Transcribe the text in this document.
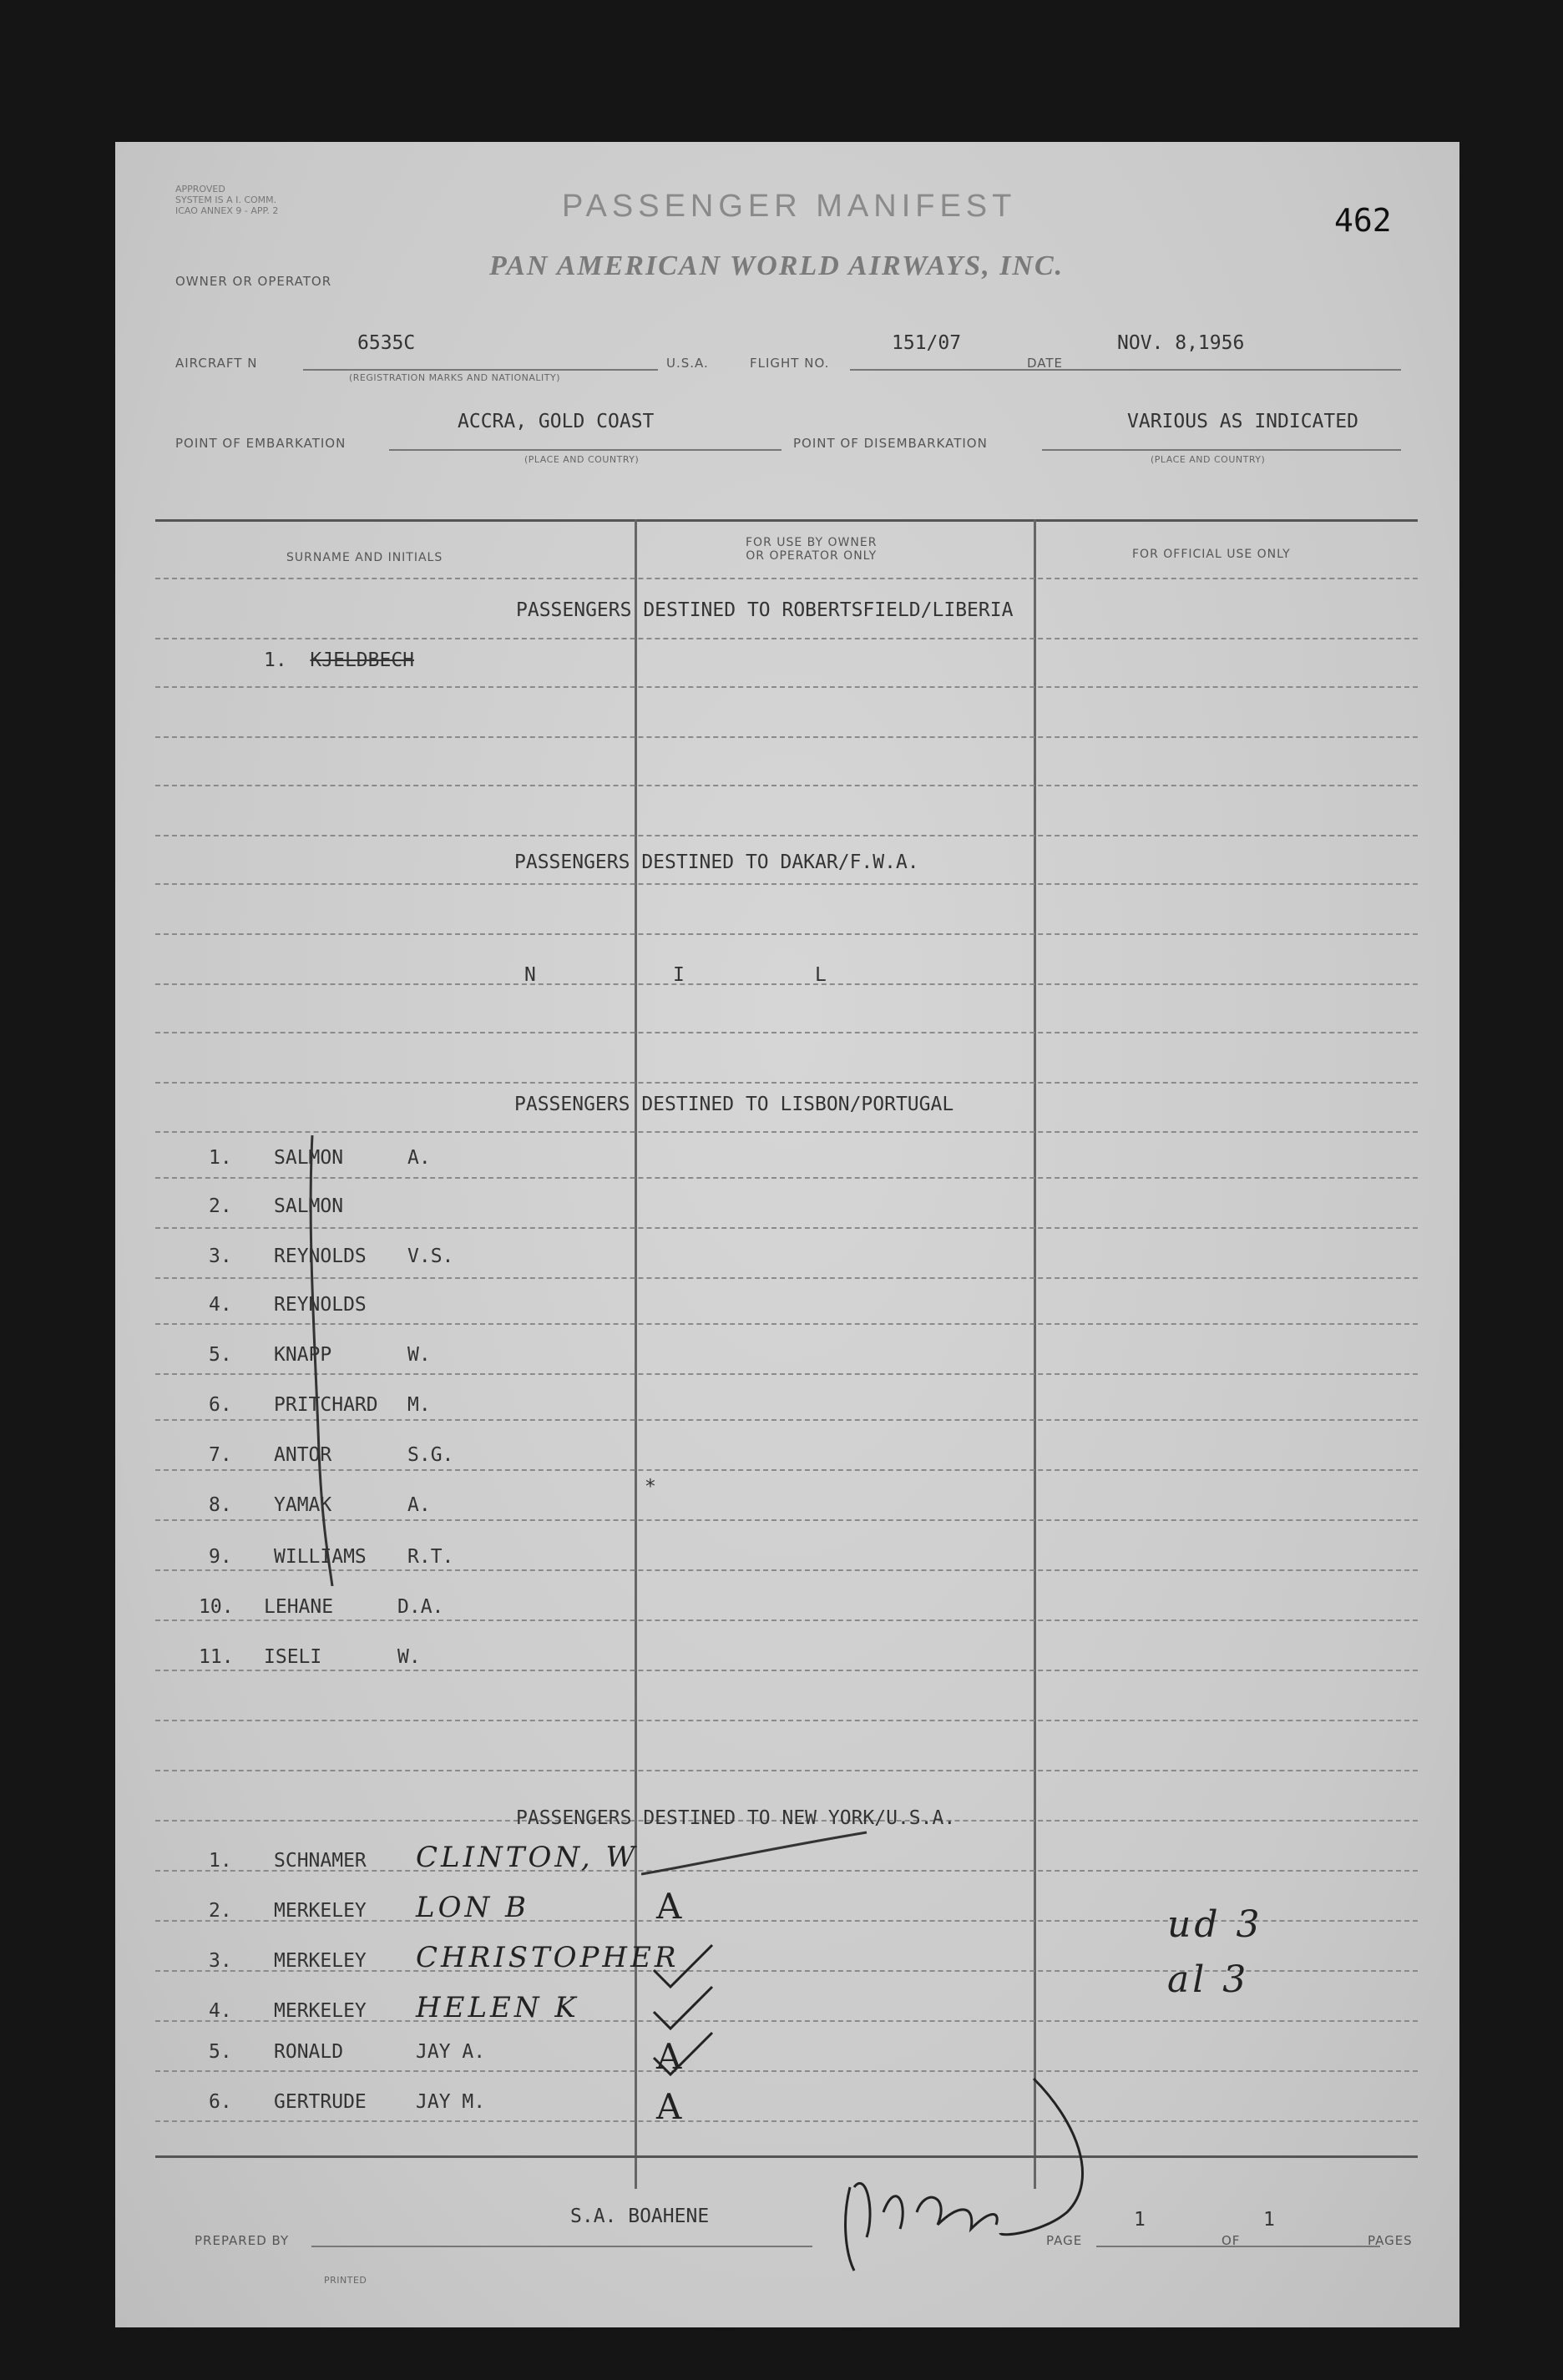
APPROVED
SYSTEM IS A I. COMM.
ICAO ANNEX 9 - APP. 2	PASSENGER MANIFEST	462
OWNER OR OPERATOR	PAN AMERICAN WORLD AIRWAYS, INC.
AIRCRAFT N
6535C
(REGISTRATION MARKS AND NATIONALITY)
U.S.A.	FLIGHT NO.
151/07
DATE
NOV. 8,1956
POINT OF EMBARKATION
ACCRA, GOLD COAST
(PLACE AND COUNTRY)
POINT OF DISEMBARKATION
VARIOUS AS INDICATED
(PLACE AND COUNTRY)
SURNAME AND INITIALS
FOR USE BY OWNER
OR OPERATOR ONLY	FOR OFFICIAL USE ONLY
PASSENGERS DESTINED TO ROBERTSFIELD/LIBERIA
1. KJELDBECH
PASSENGERS DESTINED TO DAKAR/F.W.A.
N	I	L
PASSENGERS DESTINED TO LISBON/PORTUGAL
1. SALMON	A.
2. SALMON
3. REYNOLDS V.S.
4. REYNOLDS
5. KNAPP	W.
6. PRITCHARD M.
7. ANTOR	S.G.
8. YAMAK	A.
9. WILLIAMS R.T.
10. LEHANE	D.A.
11. ISELI	W.
*
PASSENGERS DESTINED TO NEW YORK/U.S.A.
1. SCHNAMER CLINTON, W
2. MERKELEY LON B	A
3. MERKELEY CHRISTOPHER
4. MERKELEY HELEN K
5. RONALD	JAY A.	A
6. GERTRUDE	JAY M.	A
ud 3
al 3
PREPARED BY
S.A. BOAHENE
PAGE
1
OF
1
PAGES
PRINTED
